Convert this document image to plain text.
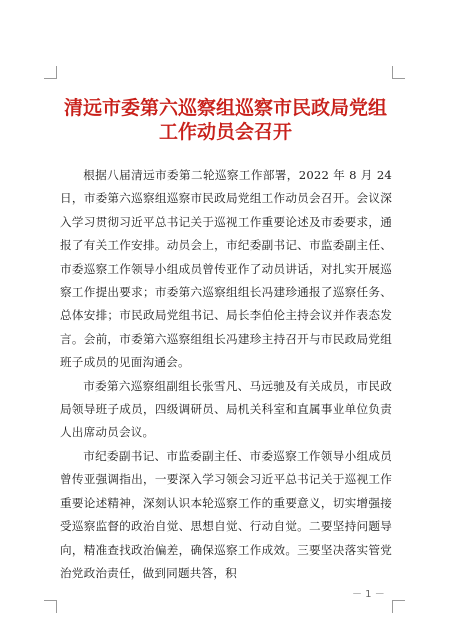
清远市委第六巡察组巡察市民政局党组
工作动员会召开

根据八届清远市委第二轮巡察工作部署，2022 年 8 月 24 日，市委第六巡察组巡察市民政局党组工作动员会召开。会议深入学习贯彻习近平总书记关于巡视工作重要论述及市委要求，通报了有关工作安排。动员会上，市纪委副书记、市监委副主任、市委巡察工作领导小组成员曾传亚作了动员讲话，对扎实开展巡察工作提出要求；市委第六巡察组组长冯建珍通报了巡察任务、总体安排；市民政局党组书记、局长李伯伦主持会议并作表态发言。会前，市委第六巡察组组长冯建珍主持召开与市民政局党组班子成员的见面沟通会。

市委第六巡察组副组长张雪凡、马远驰及有关成员，市民政局领导班子成员，四级调研员、局机关科室和直属事业单位负责人出席动员会议。

市纪委副书记、市监委副主任、市委巡察工作领导小组成员曾传亚强调指出，一要深入学习领会习近平总书记关于巡视工作重要论述精神，深刻认识本轮巡察工作的重要意义，切实增强接受巡察监督的政治自觉、思想自觉、行动自觉。二要坚持问题导向，精准查找政治偏差，确保巡察工作成效。三要坚决落实管党治党政治责任，做到同题共答，积

－ 1 －
